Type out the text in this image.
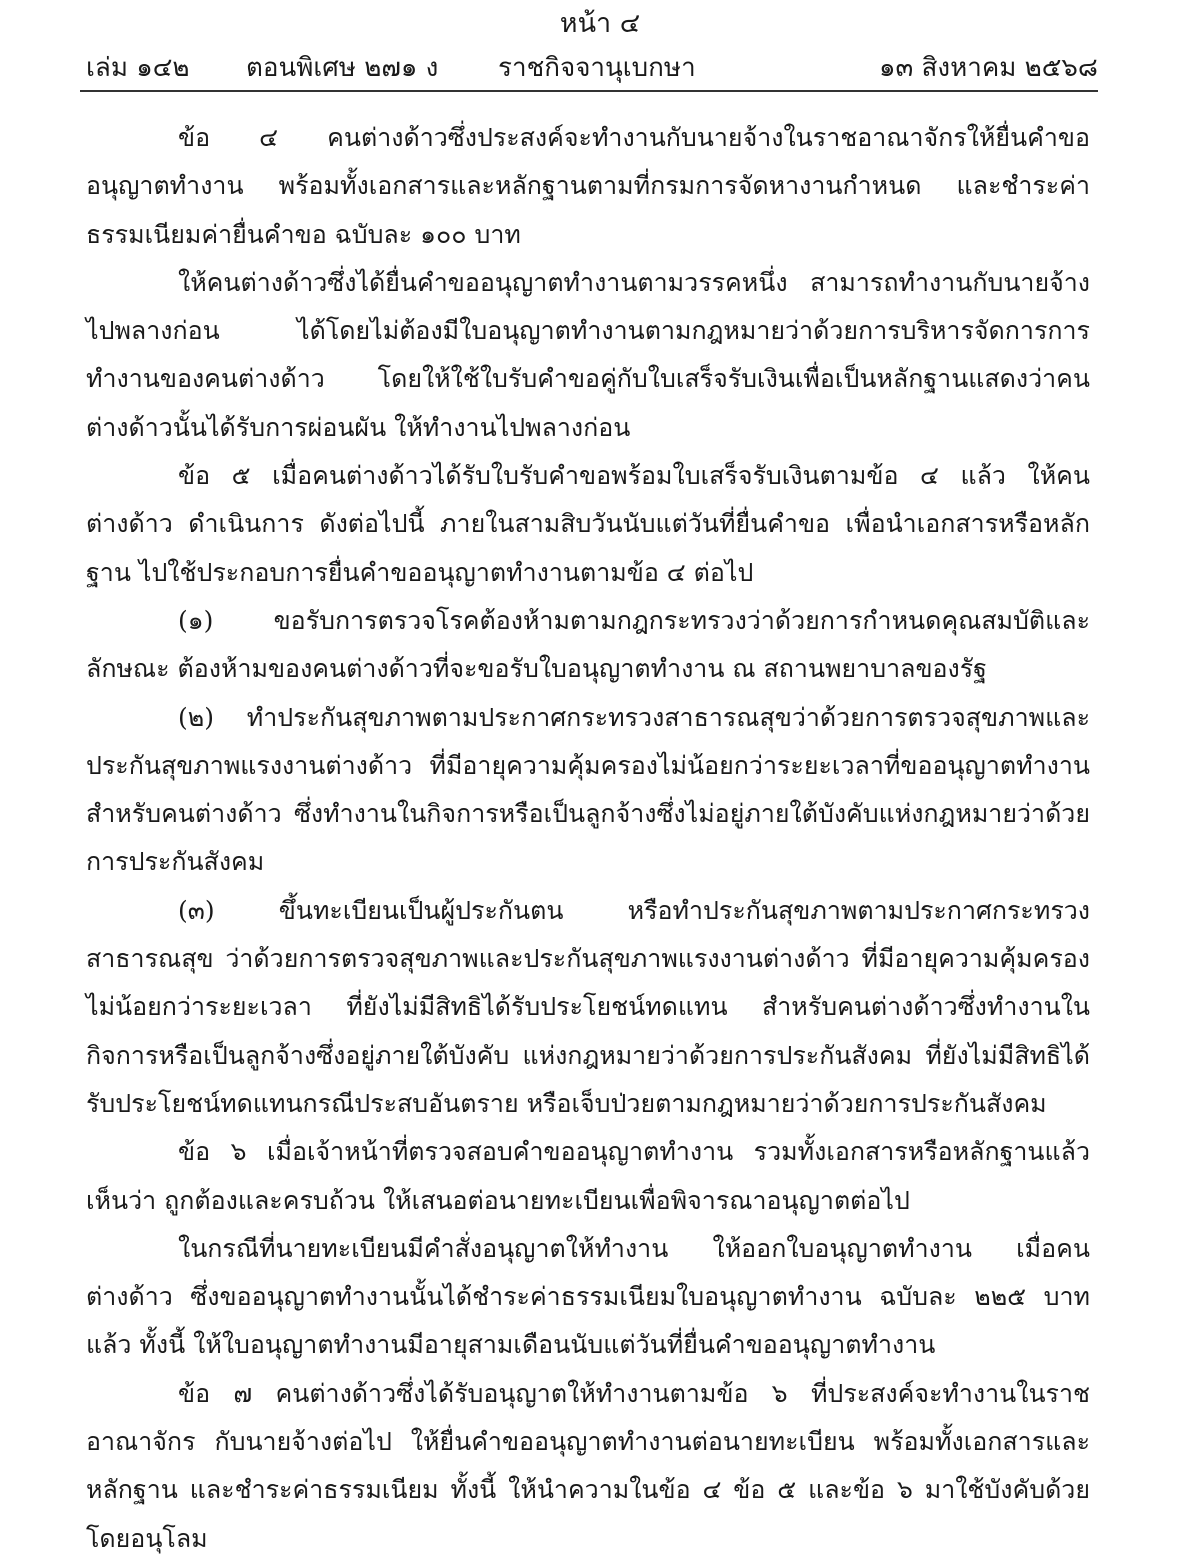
หน้า ๔
เล่ม ๑๔๒ ตอนพิเศษ ๒๗๑ ง ราชกิจจานุเบกษา	๑๓ สิงหาคม ๒๕๖๘

ข้อ ๔ คนต่างด้าวซึ่งประสงค์จะทำงานกับนายจ้างในราชอาณาจักรให้ยื่นคำขออนุญาตทำงาน พร้อมทั้งเอกสารและหลักฐานตามที่กรมการจัดหางานกำหนด และชำระค่าธรรมเนียมค่ายื่นคำขอ ฉบับละ ๑๐๐ บาท

ให้คนต่างด้าวซึ่งได้ยื่นคำขออนุญาตทำงานตามวรรคหนึ่ง สามารถทำงานกับนายจ้างไปพลางก่อน ได้โดยไม่ต้องมีใบอนุญาตทำงานตามกฎหมายว่าด้วยการบริหารจัดการการทำงานของคนต่างด้าว โดยให้ใช้ใบรับคำขอคู่กับใบเสร็จรับเงินเพื่อเป็นหลักฐานแสดงว่าคนต่างด้าวนั้นได้รับการผ่อนผัน ให้ทำงานไปพลางก่อน

ข้อ ๕ เมื่อคนต่างด้าวได้รับใบรับคำขอพร้อมใบเสร็จรับเงินตามข้อ ๔ แล้ว ให้คนต่างด้าว ดำเนินการ ดังต่อไปนี้ ภายในสามสิบวันนับแต่วันที่ยื่นคำขอ เพื่อนำเอกสารหรือหลักฐาน ไปใช้ประกอบการยื่นคำขออนุญาตทำงานตามข้อ ๔ ต่อไป

(๑) ขอรับการตรวจโรคต้องห้ามตามกฎกระทรวงว่าด้วยการกำหนดคุณสมบัติและลักษณะ ต้องห้ามของคนต่างด้าวที่จะขอรับใบอนุญาตทำงาน ณ สถานพยาบาลของรัฐ

(๒) ทำประกันสุขภาพตามประกาศกระทรวงสาธารณสุขว่าด้วยการตรวจสุขภาพและ ประกันสุขภาพแรงงานต่างด้าว ที่มีอายุความคุ้มครองไม่น้อยกว่าระยะเวลาที่ขออนุญาตทำงาน สำหรับคนต่างด้าว ซึ่งทำงานในกิจการหรือเป็นลูกจ้างซึ่งไม่อยู่ภายใต้บังคับแห่งกฎหมายว่าด้วยการประกันสังคม

(๓) ขึ้นทะเบียนเป็นผู้ประกันตน หรือทำประกันสุขภาพตามประกาศกระทรวงสาธารณสุข ว่าด้วยการตรวจสุขภาพและประกันสุขภาพแรงงานต่างด้าว ที่มีอายุความคุ้มครองไม่น้อยกว่าระยะเวลา ที่ยังไม่มีสิทธิได้รับประโยชน์ทดแทน สำหรับคนต่างด้าวซึ่งทำงานในกิจการหรือเป็นลูกจ้างซึ่งอยู่ภายใต้บังคับ แห่งกฎหมายว่าด้วยการประกันสังคม ที่ยังไม่มีสิทธิได้รับประโยชน์ทดแทนกรณีประสบอันตราย หรือเจ็บป่วยตามกฎหมายว่าด้วยการประกันสังคม

ข้อ ๖ เมื่อเจ้าหน้าที่ตรวจสอบคำขออนุญาตทำงาน รวมทั้งเอกสารหรือหลักฐานแล้วเห็นว่า ถูกต้องและครบถ้วน ให้เสนอต่อนายทะเบียนเพื่อพิจารณาอนุญาตต่อไป

ในกรณีที่นายทะเบียนมีคำสั่งอนุญาตให้ทำงาน ให้ออกใบอนุญาตทำงาน เมื่อคนต่างด้าว ซึ่งขออนุญาตทำงานนั้นได้ชำระค่าธรรมเนียมใบอนุญาตทำงาน ฉบับละ ๒๒๕ บาท แล้ว ทั้งนี้ ให้ใบอนุญาตทำงานมีอายุสามเดือนนับแต่วันที่ยื่นคำขออนุญาตทำงาน

ข้อ ๗ คนต่างด้าวซึ่งได้รับอนุญาตให้ทำงานตามข้อ ๖ ที่ประสงค์จะทำงานในราชอาณาจักร กับนายจ้างต่อไป ให้ยื่นคำขออนุญาตทำงานต่อนายทะเบียน พร้อมทั้งเอกสารและหลักฐาน และชำระค่าธรรมเนียม ทั้งนี้ ให้นำความในข้อ ๔ ข้อ ๕ และข้อ ๖ มาใช้บังคับด้วยโดยอนุโลม
